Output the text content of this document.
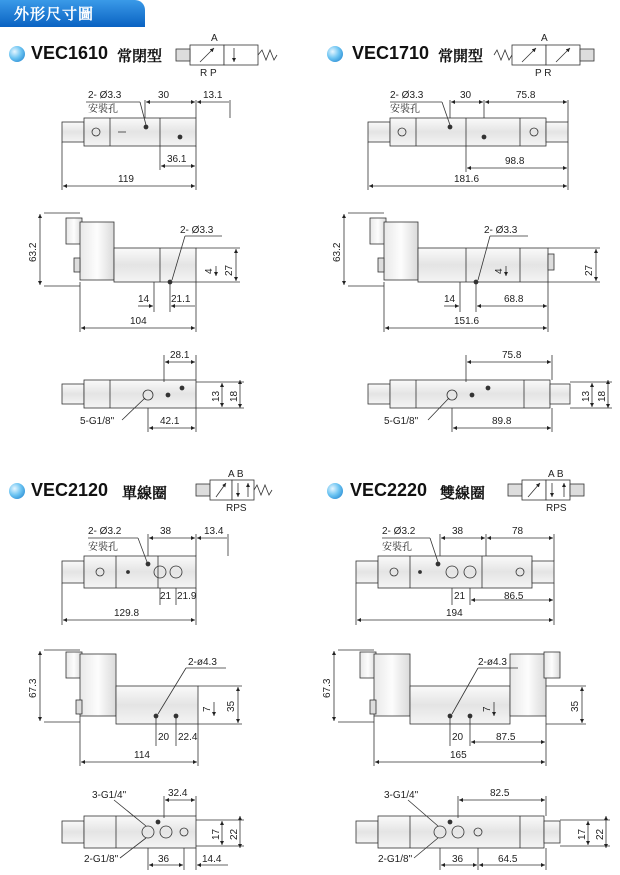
外形尺寸圖
VEC1610 常閉型	VEC1710 常開型
VEC2120 單線圈	VEC2220 雙線圈
A
R P
2- Ø3.3
安裝孔
30	13.1
36.1
119
63.2
27
4
2- Ø3.3
14 21.1
104
28.1
13 18
42.1
5-G1/8"
A
P R
2- Ø3.3
安裝孔
30	75.8
98.8
181.6
63.2
27
4
2- Ø3.3
14	68.8
151.6
75.8
13 18
89.8
5-G1/8"
A B
RPS
2- Ø3.2
安裝孔
38	13.4
21 21.9
129.8
67.3
35
7
2-ø4.3
20 22.4
114
32.4
3-G1/4"
17 22
36	14.4
2-G1/8"
A B
RPS
2- Ø3.2
安裝孔
38	78
21	86.5
194
67.3
35
7
2-ø4.3
20	87.5
165
82.5
3-G1/4"
17 22
36	64.5
2-G1/8"
